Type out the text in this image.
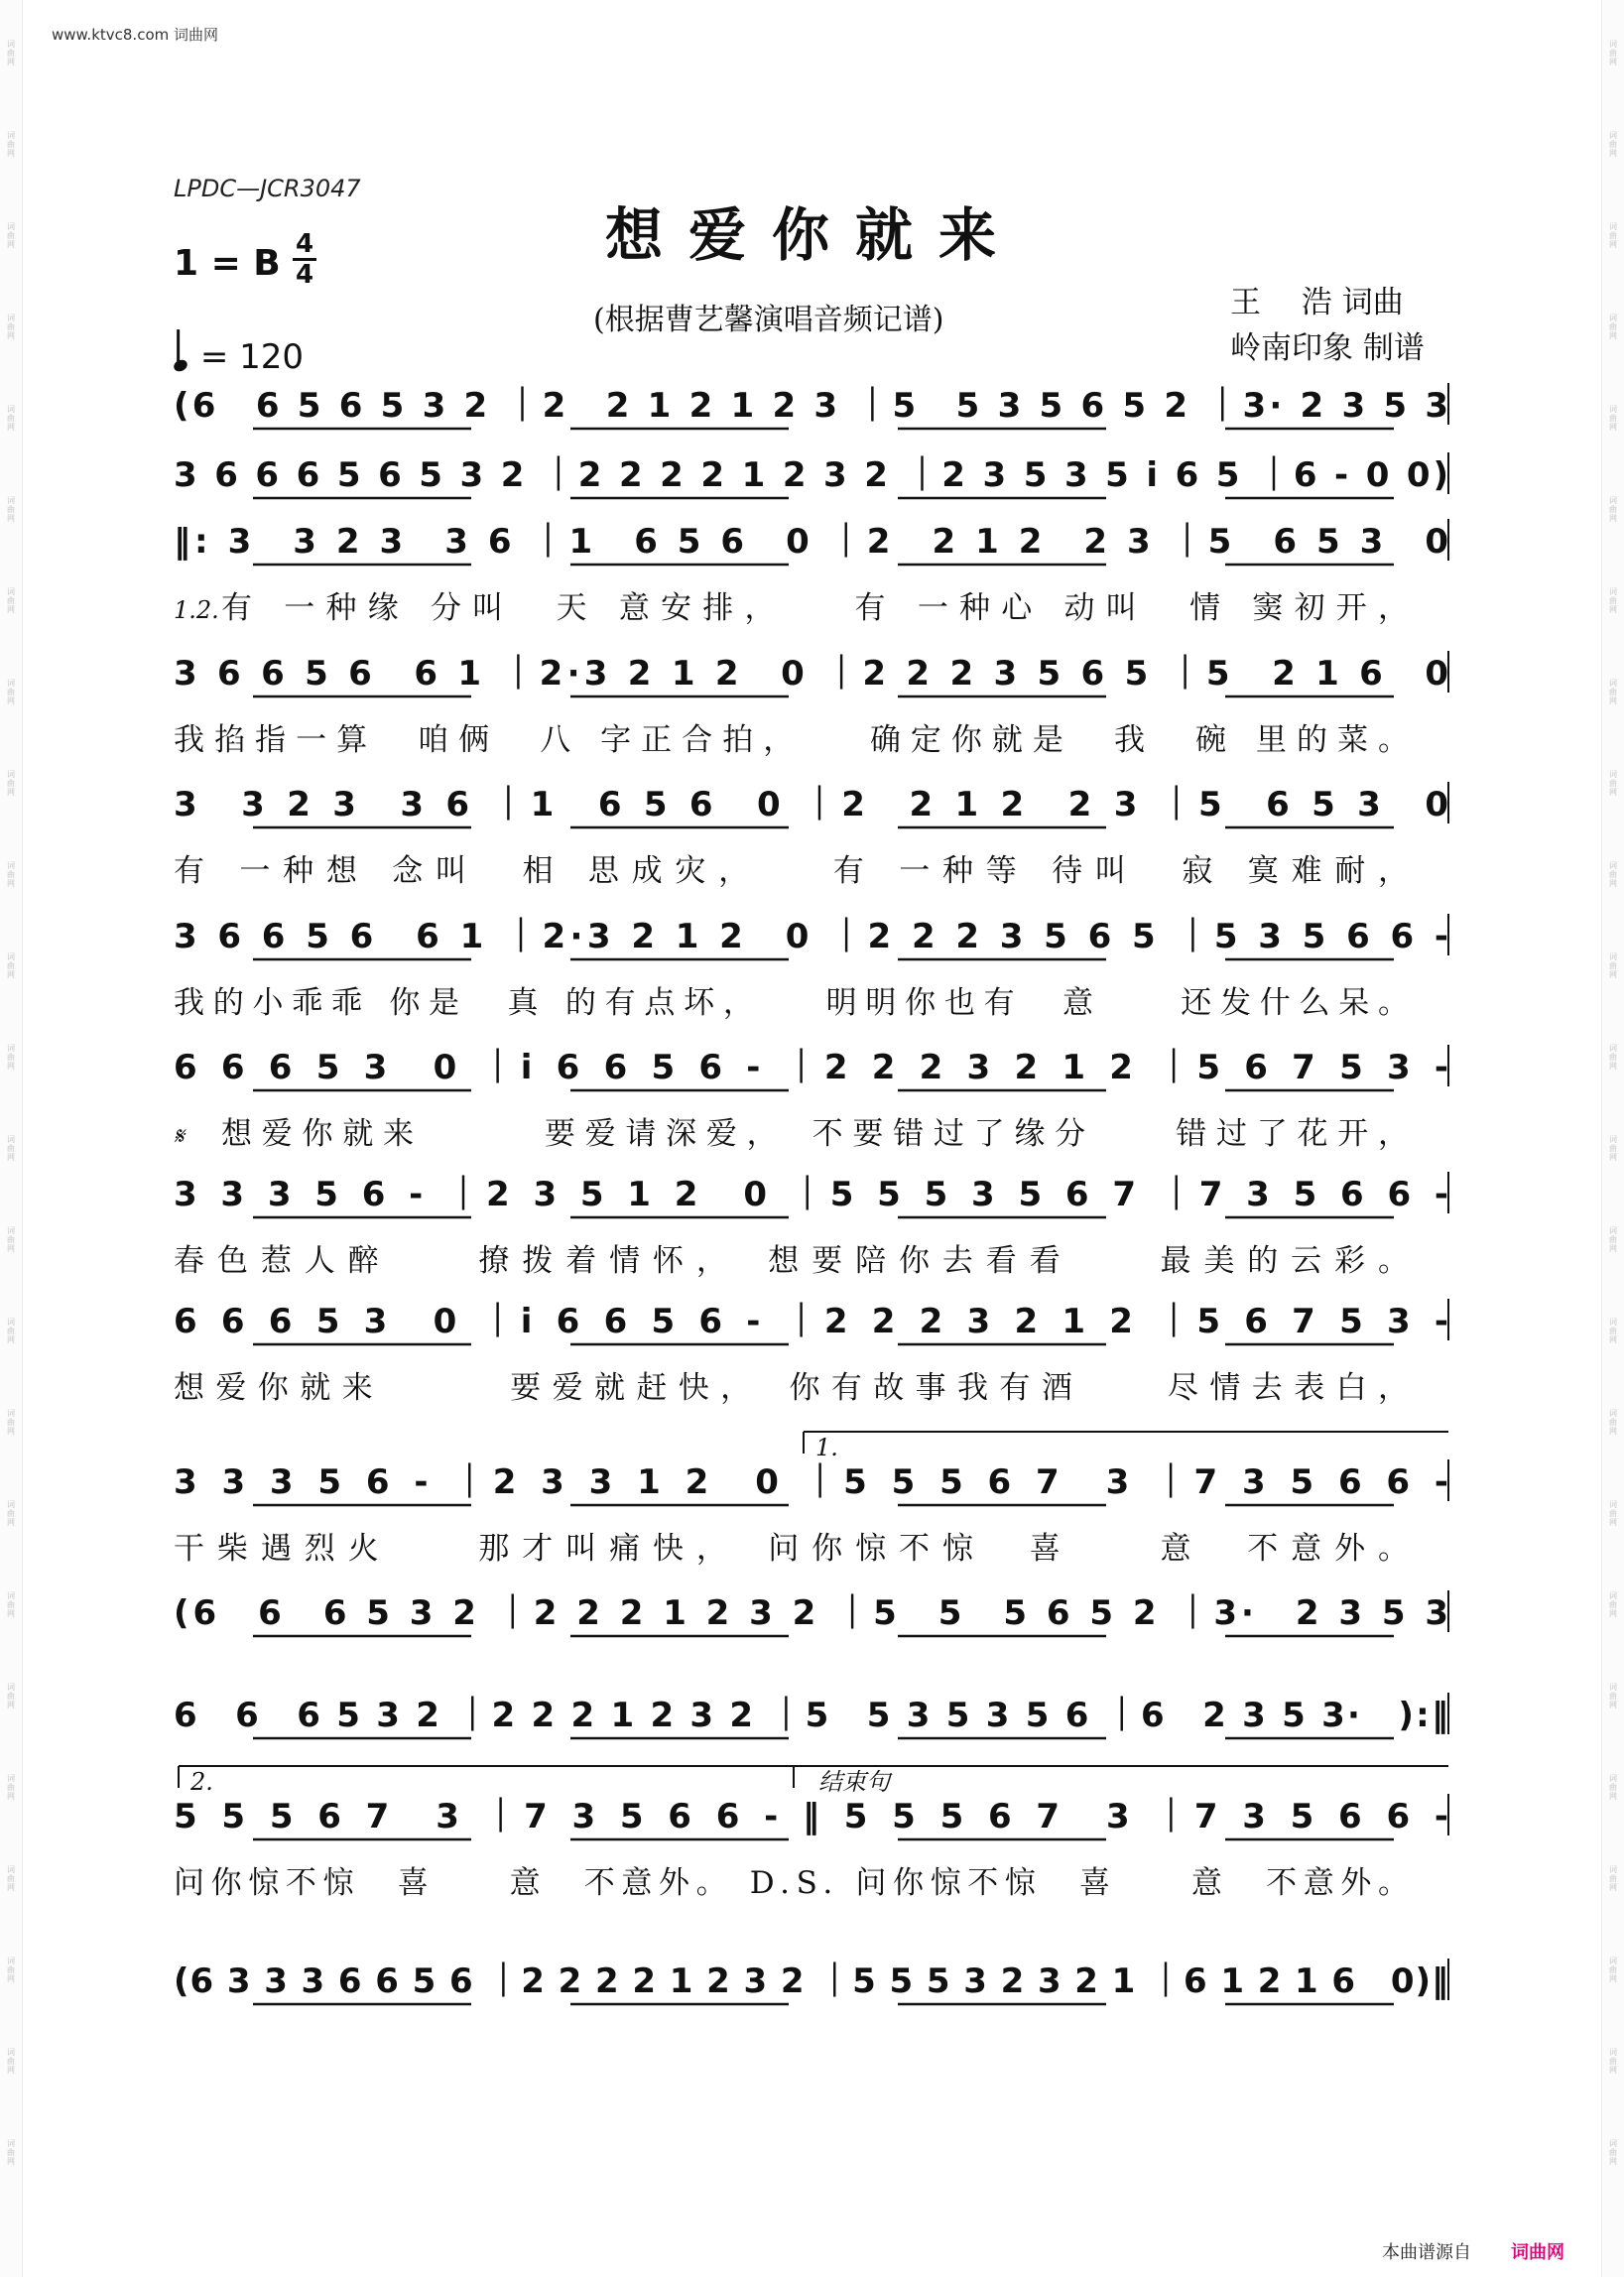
词
曲
网
词
曲
网
词
曲
网
词
曲
网
词
曲
网
词
曲
网
词
曲
网
词
曲
网
词
曲
网
词
曲
网
词
曲
网
词
曲
网
词
曲
网
词
曲
网
词
曲
网
词
曲
网
词
曲
网
词
曲
网
词
曲
网
词
曲
网
词
曲
网
词
曲
网
词
曲
网
词
曲
网
词
曲
网
词
曲
网
词
曲
网
词
曲
网
词
曲
网
词
曲
网
词
曲
网
词
曲
网
词
曲
网
词
曲
网
词
曲
网
词
曲
网
词
曲
网
词
曲
网
词
曲
网
词
曲
网
词
曲
网
词
曲
网
词
曲
网
词
曲
网
词
曲
网
词
曲
网
词
曲
网
词
曲
网
www.ktvc8.com 词曲网
LPDC—JCR3047
想爱你就来
(根据曹艺馨演唱音频记谱)	王　 浩 词曲
岭南印象 制谱
1 = B $\frac{4}{4}$
= 120
(6　6 5 6 5 3 2 ｜2　2 1 2 1 2 3 ｜5　5 3 5 6 5 2 ｜3· 2 3 5 3
3 6 6 6 5 6 5 3 2 ｜2 2 2 2 1 2 3 2 ｜2 3 5 3 5 i 6 5 ｜6 - 0 0)
‖: 3　3 2 3　3 6 ｜1　6 5 6　0 ｜2　2 1 2　2 3 ｜5　6 5 3　0
1.2. 有 一种缘 分叫　天 意安排，　　有 一种心 动叫　情 窦初开，
3 6 6 5 6　6 1 ｜2·3 2 1 2　0 ｜2 2 2 3 5 6 5 ｜5　2 1 6　0
我掐指一算　咱俩　八 字正合拍，　　确定你就是　我　碗 里的菜。
3　3 2 3　3 6 ｜1　6 5 6　0 ｜2　2 1 2　2 3 ｜5　6 5 3　0
有 一种想 念叫　相 思成灾，　　有 一种等 待叫　寂 寞难耐，
3 6 6 5 6　6 1 ｜2·3 2 1 2　0 ｜2 2 2 3 5 6 5 ｜5 3 5 6 6 -
我的小乖乖 你是　真 的有点坏，　　明明你也有　意　　还发什么呆。
6 6 6 5 3　0 ｜i 6 6 5 6 - ｜2 2 2 3 2 1 2 ｜5 6 7 5 3 -
𝄋 想爱你就来　　　要爱请深爱，　不要错过了缘分　　错过了花开，
3 3 3 5 6 - ｜2 3 5 1 2　0 ｜5 5 5 3 5 6 7 ｜7 3 5 6 6 -
春色惹人醉　　撩拨着情怀，　想要陪你去看看　　最美的云彩。
6 6 6 5 3　0 ｜i 6 6 5 6 - ｜2 2 2 3 2 1 2 ｜5 6 7 5 3 -
想爱你就来　　　要爱就赶快，　你有故事我有酒　　尽情去表白，
1.
3 3 3 5 6 - ｜2 3 3 1 2　0 ｜5 5 5 6 7　3 ｜7 3 5 6 6 -
干柴遇烈火　　那才叫痛快，　问你惊不惊　喜　　意　不意外。
(6　6　6 5 3 2 ｜2 2 2 1 2 3 2 ｜5　5　5 6 5 2 ｜3·　2 3 5 3
6　6　6 5 3 2 ｜2 2 2 1 2 3 2 ｜5　5 3 5 3 5 6 ｜6　2 3 5 3·　):‖
2.	结束句
5 5 5 6 7　3 ｜7 3 5 6 6 - ‖ 5 5 5 6 7　3 ｜7 3 5 6 6 -
问你惊不惊　喜　　意　不意外。 D.S. 问你惊不惊　喜　　意　不意外。
(6 3 3 3 6 6 5 6 ｜2 2 2 2 1 2 3 2 ｜5 5 5 3 2 3 2 1 ｜6 1 2 1 6　0)‖
本曲谱源自 词曲网
